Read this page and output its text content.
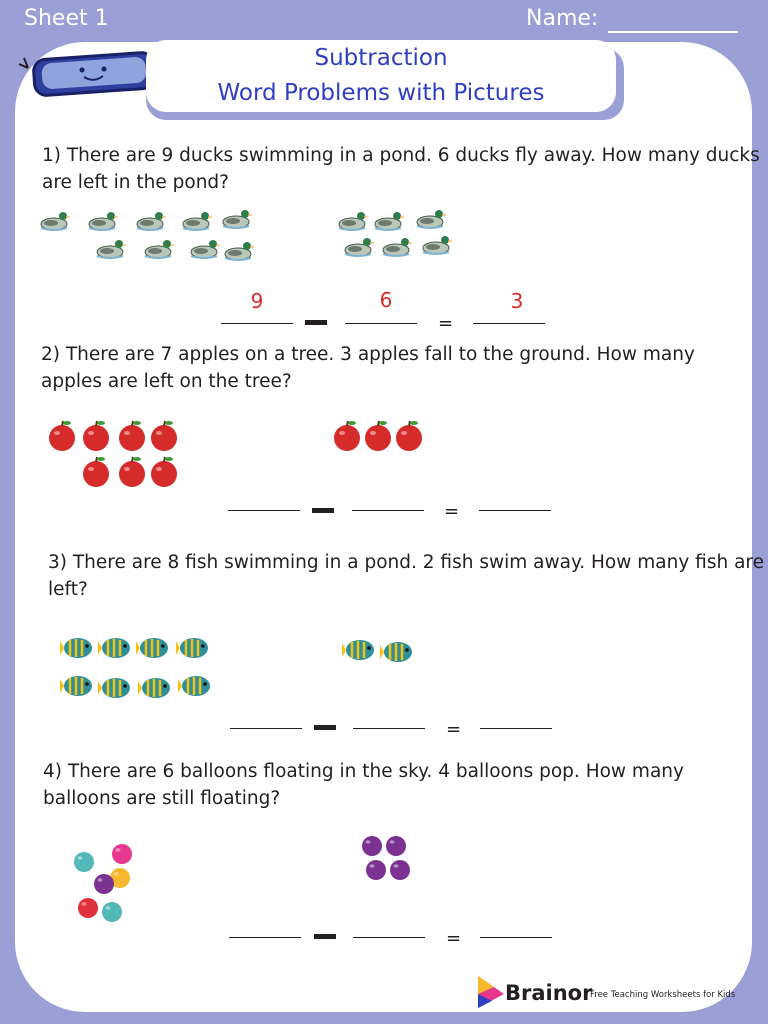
Sheet 1	Name:
Subtraction
Word Problems with Pictures
1) There are 9 ducks swimming in a pond. 6 ducks fly away. How many ducks are left in the pond?
9	6	3
=
2) There are 7 apples on a tree. 3 apples fall to the ground. How many apples are left on the tree?
=
3) There are 8 fish swimming in a pond. 2 fish swim away. How many fish are left?
=
4) There are 6 balloons floating in the sky. 4 balloons pop. How many balloons are still floating?
=
Brainor
Free Teaching Worksheets for Kids
